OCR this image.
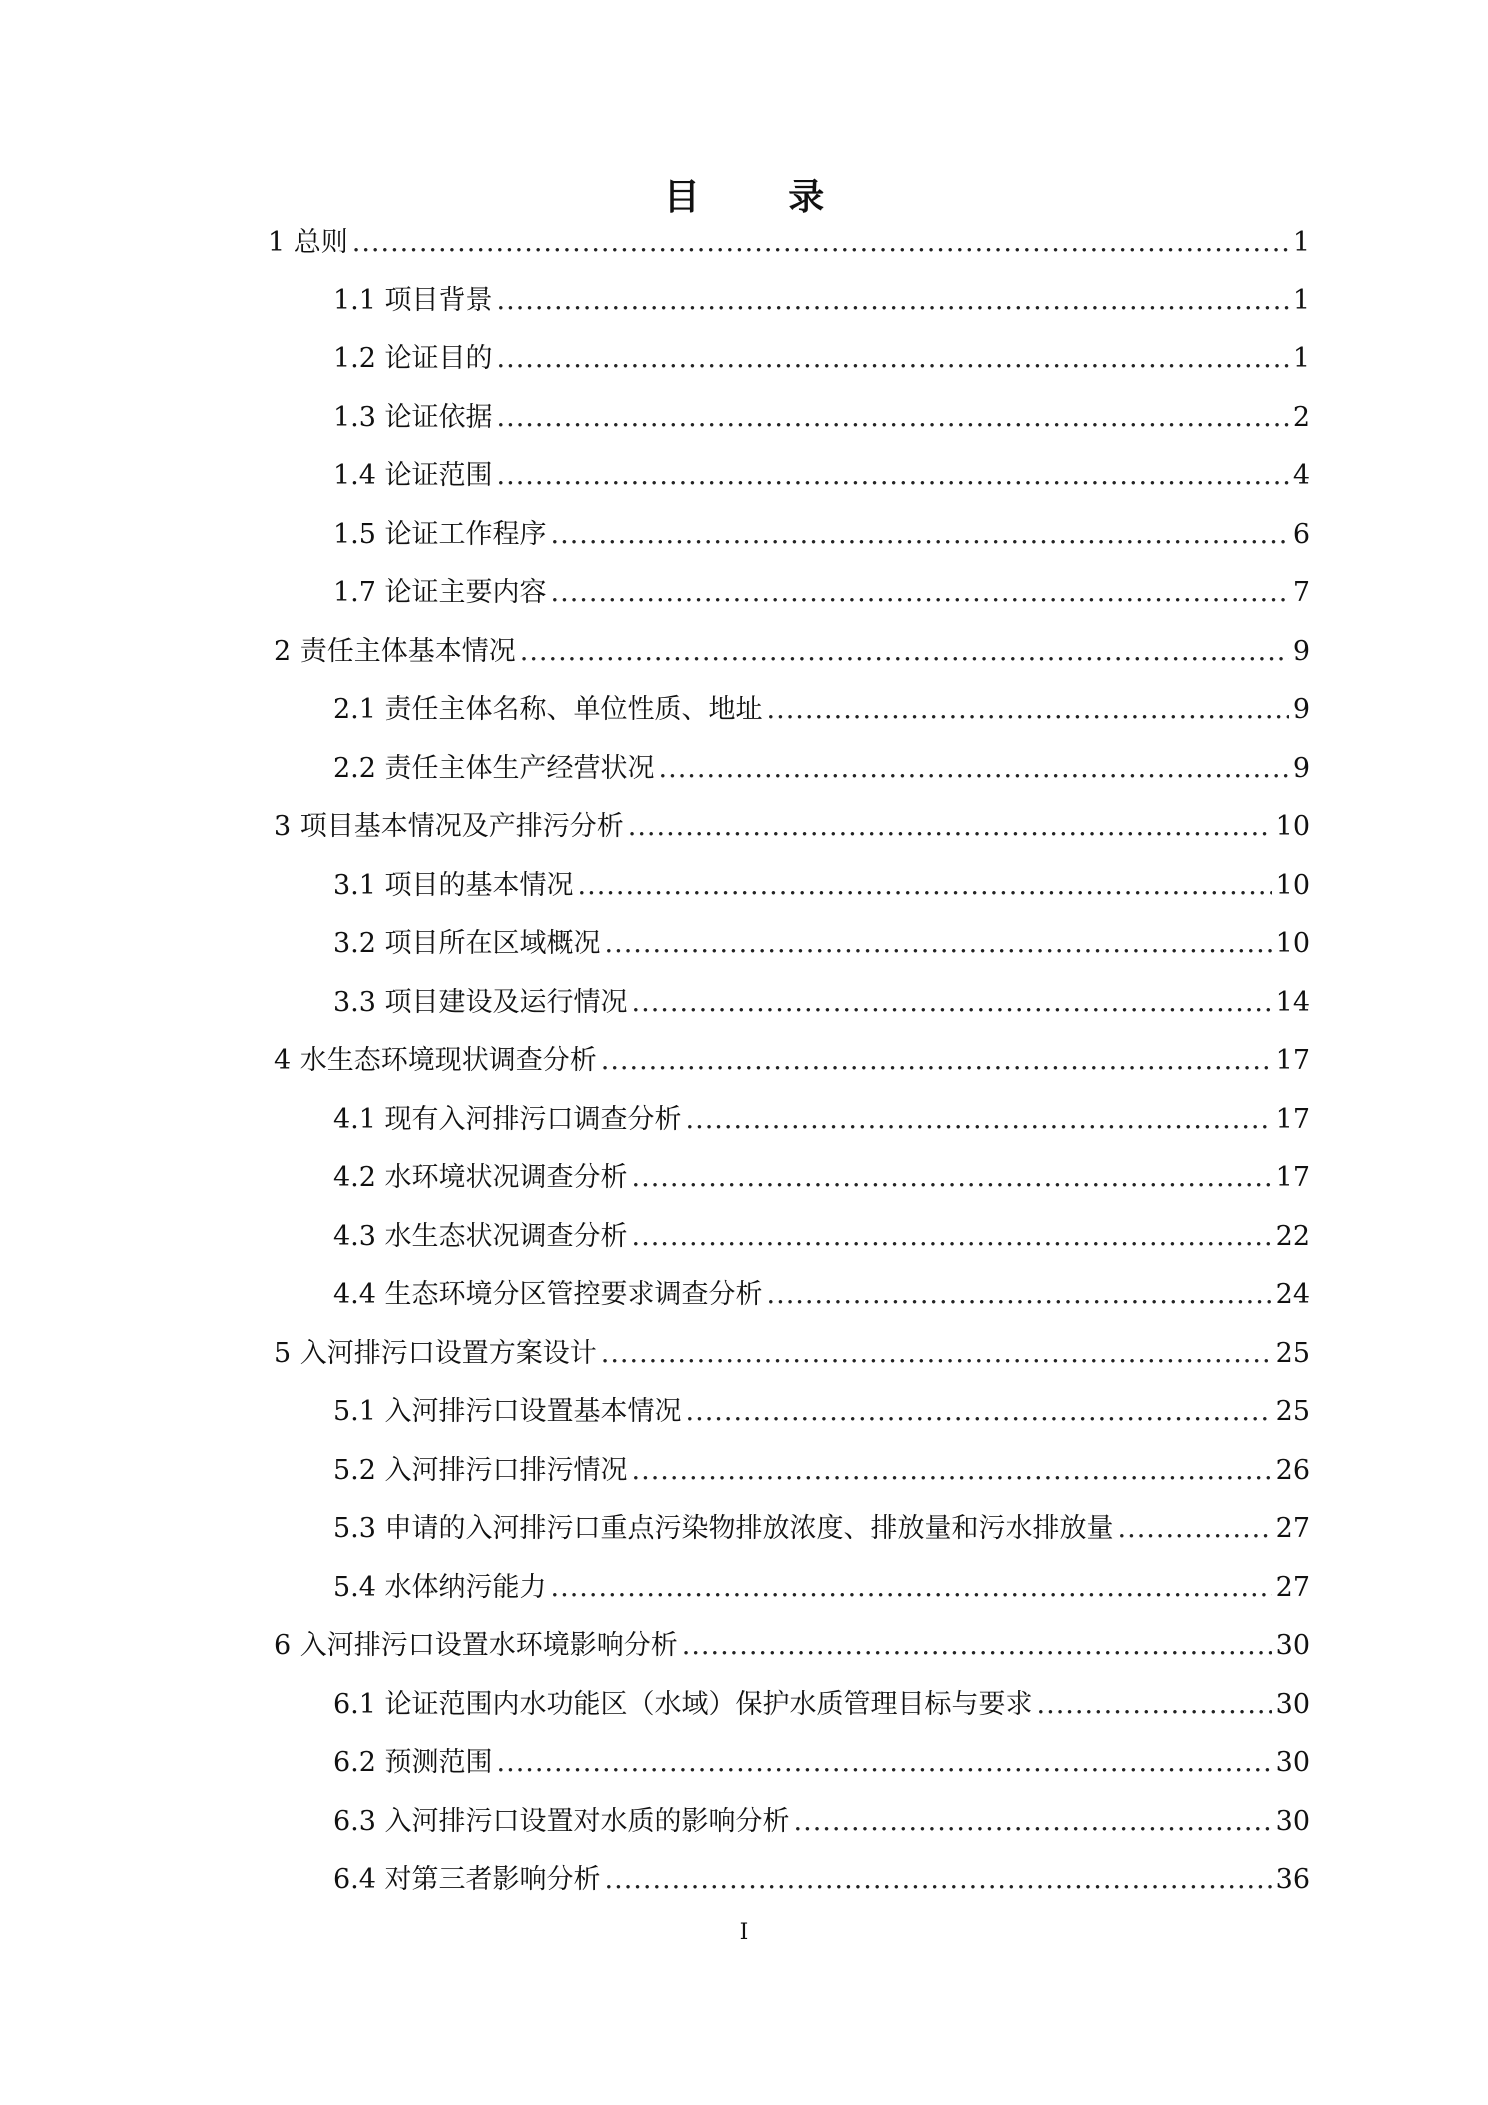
目 录
1 总则 .....	1
1.1 项目背景 .....	1
1.2 论证目的 .....	1
1.3 论证依据 .....	2
1.4 论证范围 .....	4
1.5 论证工作程序 .....	6
1.7 论证主要内容 .....	7
2 责任主体基本情况 .....	9
2.1 责任主体名称、单位性质、地址 .....	9
2.2 责任主体生产经营状况 .....	9
3 项目基本情况及产排污分析 .....	10
3.1 项目的基本情况 .....	10
3.2 项目所在区域概况 .....	10
3.3 项目建设及运行情况 .....	14
4 水生态环境现状调查分析 .....	17
4.1 现有入河排污口调查分析 .....	17
4.2 水环境状况调查分析 .....	17
4.3 水生态状况调查分析 .....	22
4.4 生态环境分区管控要求调查分析 .....	24
5 入河排污口设置方案设计 .....	25
5.1 入河排污口设置基本情况 .....	25
5.2 入河排污口排污情况 .....	26
5.3 申请的入河排污口重点污染物排放浓度、排放量和污水排放量 .....	27
5.4 水体纳污能力 .....	27
6 入河排污口设置水环境影响分析 .....	30
6.1 论证范围内水功能区（水域）保护水质管理目标与要求 .....	30
6.2 预测范围 .....	30
6.3 入河排污口设置对水质的影响分析 .....	30
6.4 对第三者影响分析 .....	36
I
